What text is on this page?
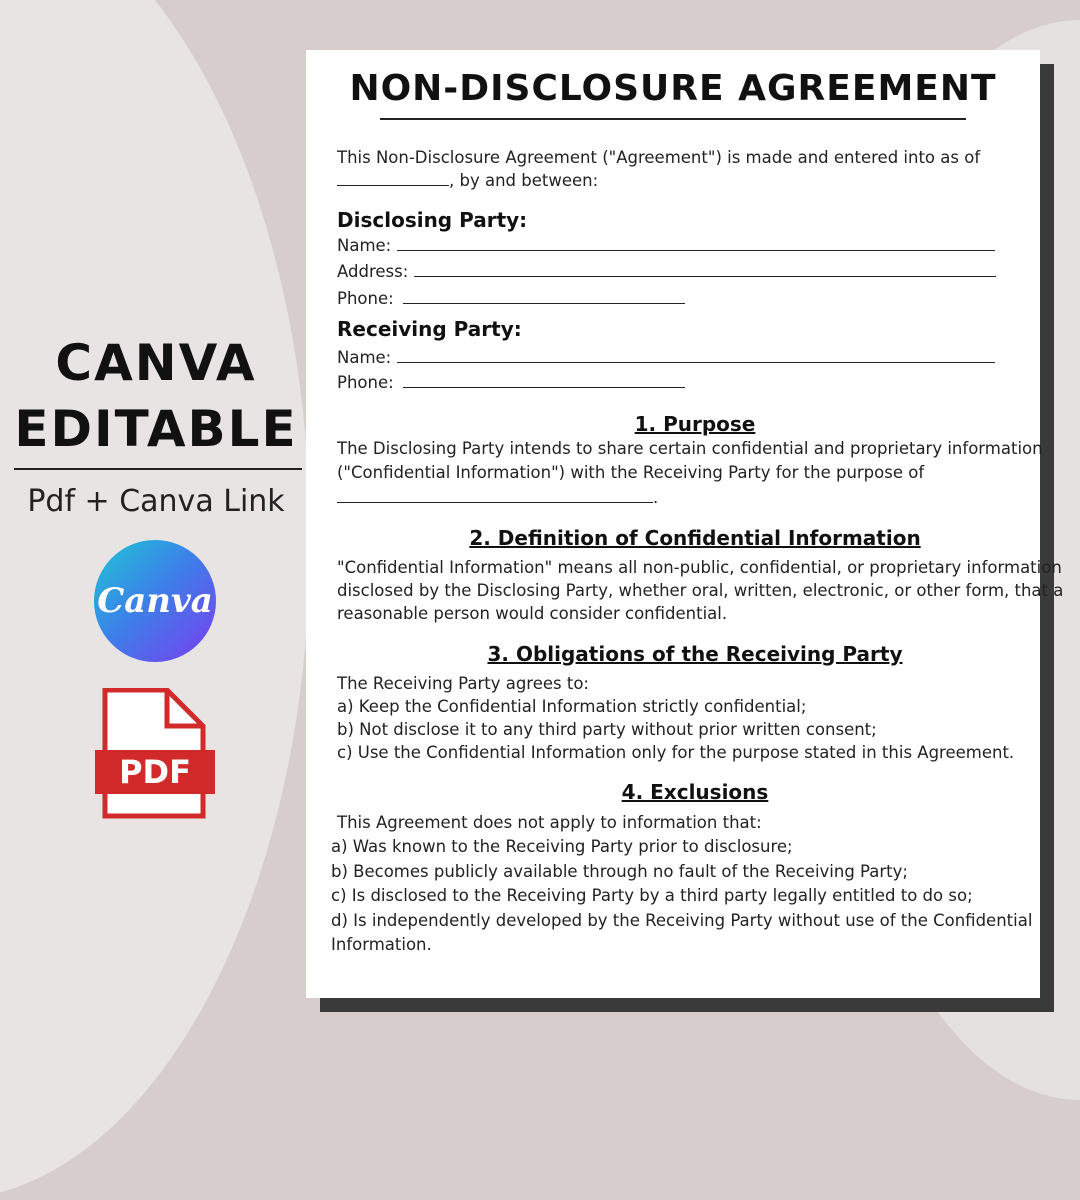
CANVA
EDITABLE
Pdf + Canva Link
Canva
PDF
NON-DISCLOSURE AGREEMENT
This Non-Disclosure Agreement ("Agreement") is made and entered into as of
, by and between:
Disclosing Party:
Name:
Address:
Phone:
Receiving Party:
Name:
Phone:
1. Purpose
The Disclosing Party intends to share certain confidential and proprietary information
("Confidential Information") with the Receiving Party for the purpose of
.
2. Definition of Confidential Information
"Confidential Information" means all non-public, confidential, or proprietary information
disclosed by the Disclosing Party, whether oral, written, electronic, or other form, that a
reasonable person would consider confidential.
3. Obligations of the Receiving Party
The Receiving Party agrees to:
a) Keep the Confidential Information strictly confidential;
b) Not disclose it to any third party without prior written consent;
c) Use the Confidential Information only for the purpose stated in this Agreement.
4. Exclusions
This Agreement does not apply to information that:
a) Was known to the Receiving Party prior to disclosure;
b) Becomes publicly available through no fault of the Receiving Party;
c) Is disclosed to the Receiving Party by a third party legally entitled to do so;
d) Is independently developed by the Receiving Party without use of the Confidential
Information.
